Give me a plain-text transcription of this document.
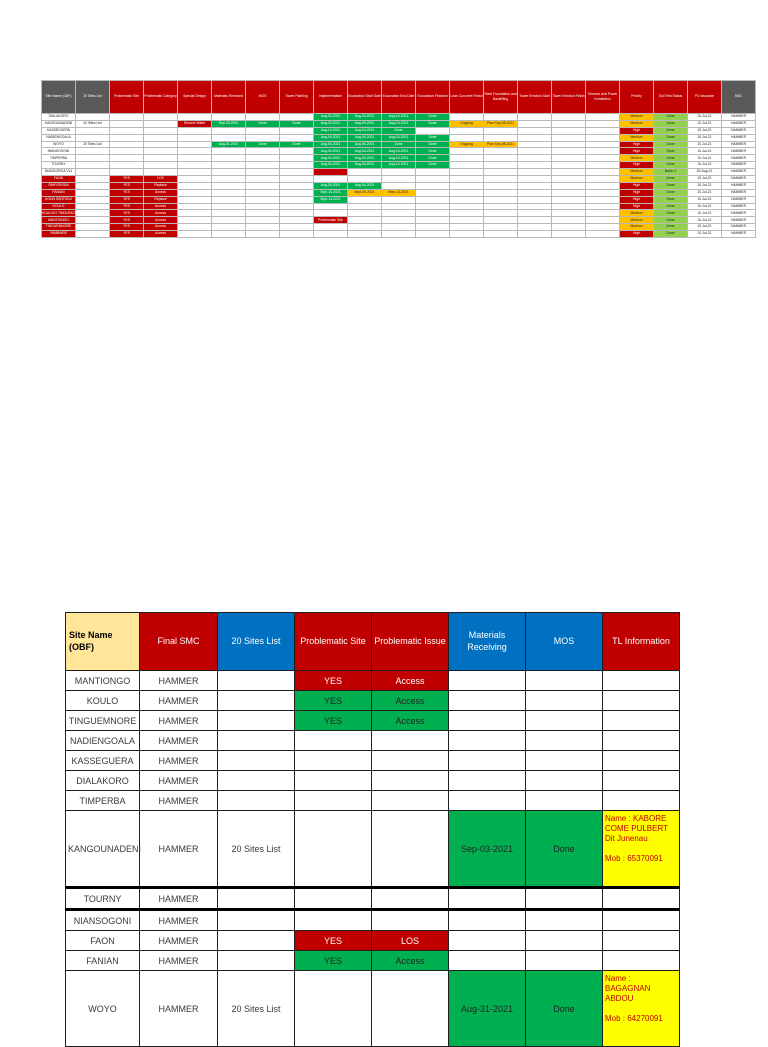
Site Name (OBF)	20 Sites List	Problematic Site	Problematic Category	Special Design	Materials Received	MOS	Tower Painting	Implementation	Excavation Start Date	Excavation End Date	Excavation Finished	Lean Concrete Finish	Steel Foundation and Backfilling	Tower Erection Start	Tower Erection Finish	Telecom and Power Installation	Priority	Soil Test Status	PO Issuance	SMC
DIALAKORO								Aug-04-2021	Aug-04-2021	Aug-14-2021	Done						Medium	Done	10-Jul-21	HAMMER
KANGOUNADENI	20 Sites List			Second Water	Sep-03-2021	Done	Done	Aug-04-2021	Aug-04-2021	Aug-14-2021	Done	Ongoing	Plan Sep-08-2021				Medium	Done	10-Jul-21	HAMMER
KASSEGUERA								Aug-14-2021	Aug-14-2021	Done							High	Done	10-Jul-21	HAMMER
NADIENGOALA								Aug-04-2021	Aug-04-2021	Aug-14-2021	Done						Medium	Done	10-Jul-21	HAMMER
WOYO	20 Sites List				Aug-31-2021	Done	Done	Aug-04-2021	Aug-04-2021	Done	Done	Ongoing	Plan Sep-08-2021				High	Done	10-Jul-21	HAMMER
NIANSOGONI								Aug-04-2021	Aug-04-2021	Aug-14-2021	Done						High	Done	10-Jul-21	HAMMER
TIMPERBA								Aug-04-2021	Aug-04-2021	Aug-14-2021	Done						Medium	Done	10-Jul-21	HAMMER
TOURNY								Aug-04-2021	Aug-04-2021	Aug-14-2021	Done						High	Done	10-Jul-21	HAMMER
NIANGORGA V11																	Medium	Batch 2	26-Aug-21	HAMMER
FAON		YES	LOS														Medium	Done	10-Jul-21	HAMMER
SIMPOROBA		YES	Replace					Aug-04-2021	Aug-04-2021								High	Done	10-Jul-21	HAMMER
FANIAN		YES	Access					Sept-14-2021	Sept-09-2021	Sept-13-2021							High	Done	10-Jul-21	HAMMER
KOUN SANTIGUI		YES	Replace					Sept-14-2021									High	Done	10-Jul-21	HAMMER
KOULO		YES	Access														High	Done	10-Jul-21	HAMMER
KOULIKO TINGUEKORO		YES	Access														Medium	Done	10-Jul-21	HAMMER
MANTIONGO		YES	Access					Problematic Site									Medium	Done	10-Jul-21	HAMMER
TINGUEMNORE		YES	Access														Medium	Done	10-Jul-21	HAMMER
YAMBAIRE		YES	Access														High	Done	10-Jul-21	HAMMER
Site Name (OBF)	Final SMC	20 Sites List	Problematic Site	Problematic Issue	Materials Receiving	MOS	TL Information
MANTIONGO	HAMMER		YES	Access			
KOULO	HAMMER		YES	Access			
TINGUEMNORE	HAMMER		YES	Access			
NADIENGOALA	HAMMER						
KASSEGUERA	HAMMER						
DIALAKORO	HAMMER						
TIMPERBA	HAMMER						
KANGOUNADENI	HAMMER	20 Sites List			Sep-03-2021	Done	Name : KABORE
COME PULBERT
Dit Junenau

Mob : 65370091
TOURNY	HAMMER						
NIANSOGONI	HAMMER						
FAON	HAMMER		YES	LOS			
FANIAN	HAMMER		YES	Access			
WOYO	HAMMER	20 Sites List			Aug-31-2021	Done	Name :
BAGAGNAN
ABDOU

Mob : 64270091
